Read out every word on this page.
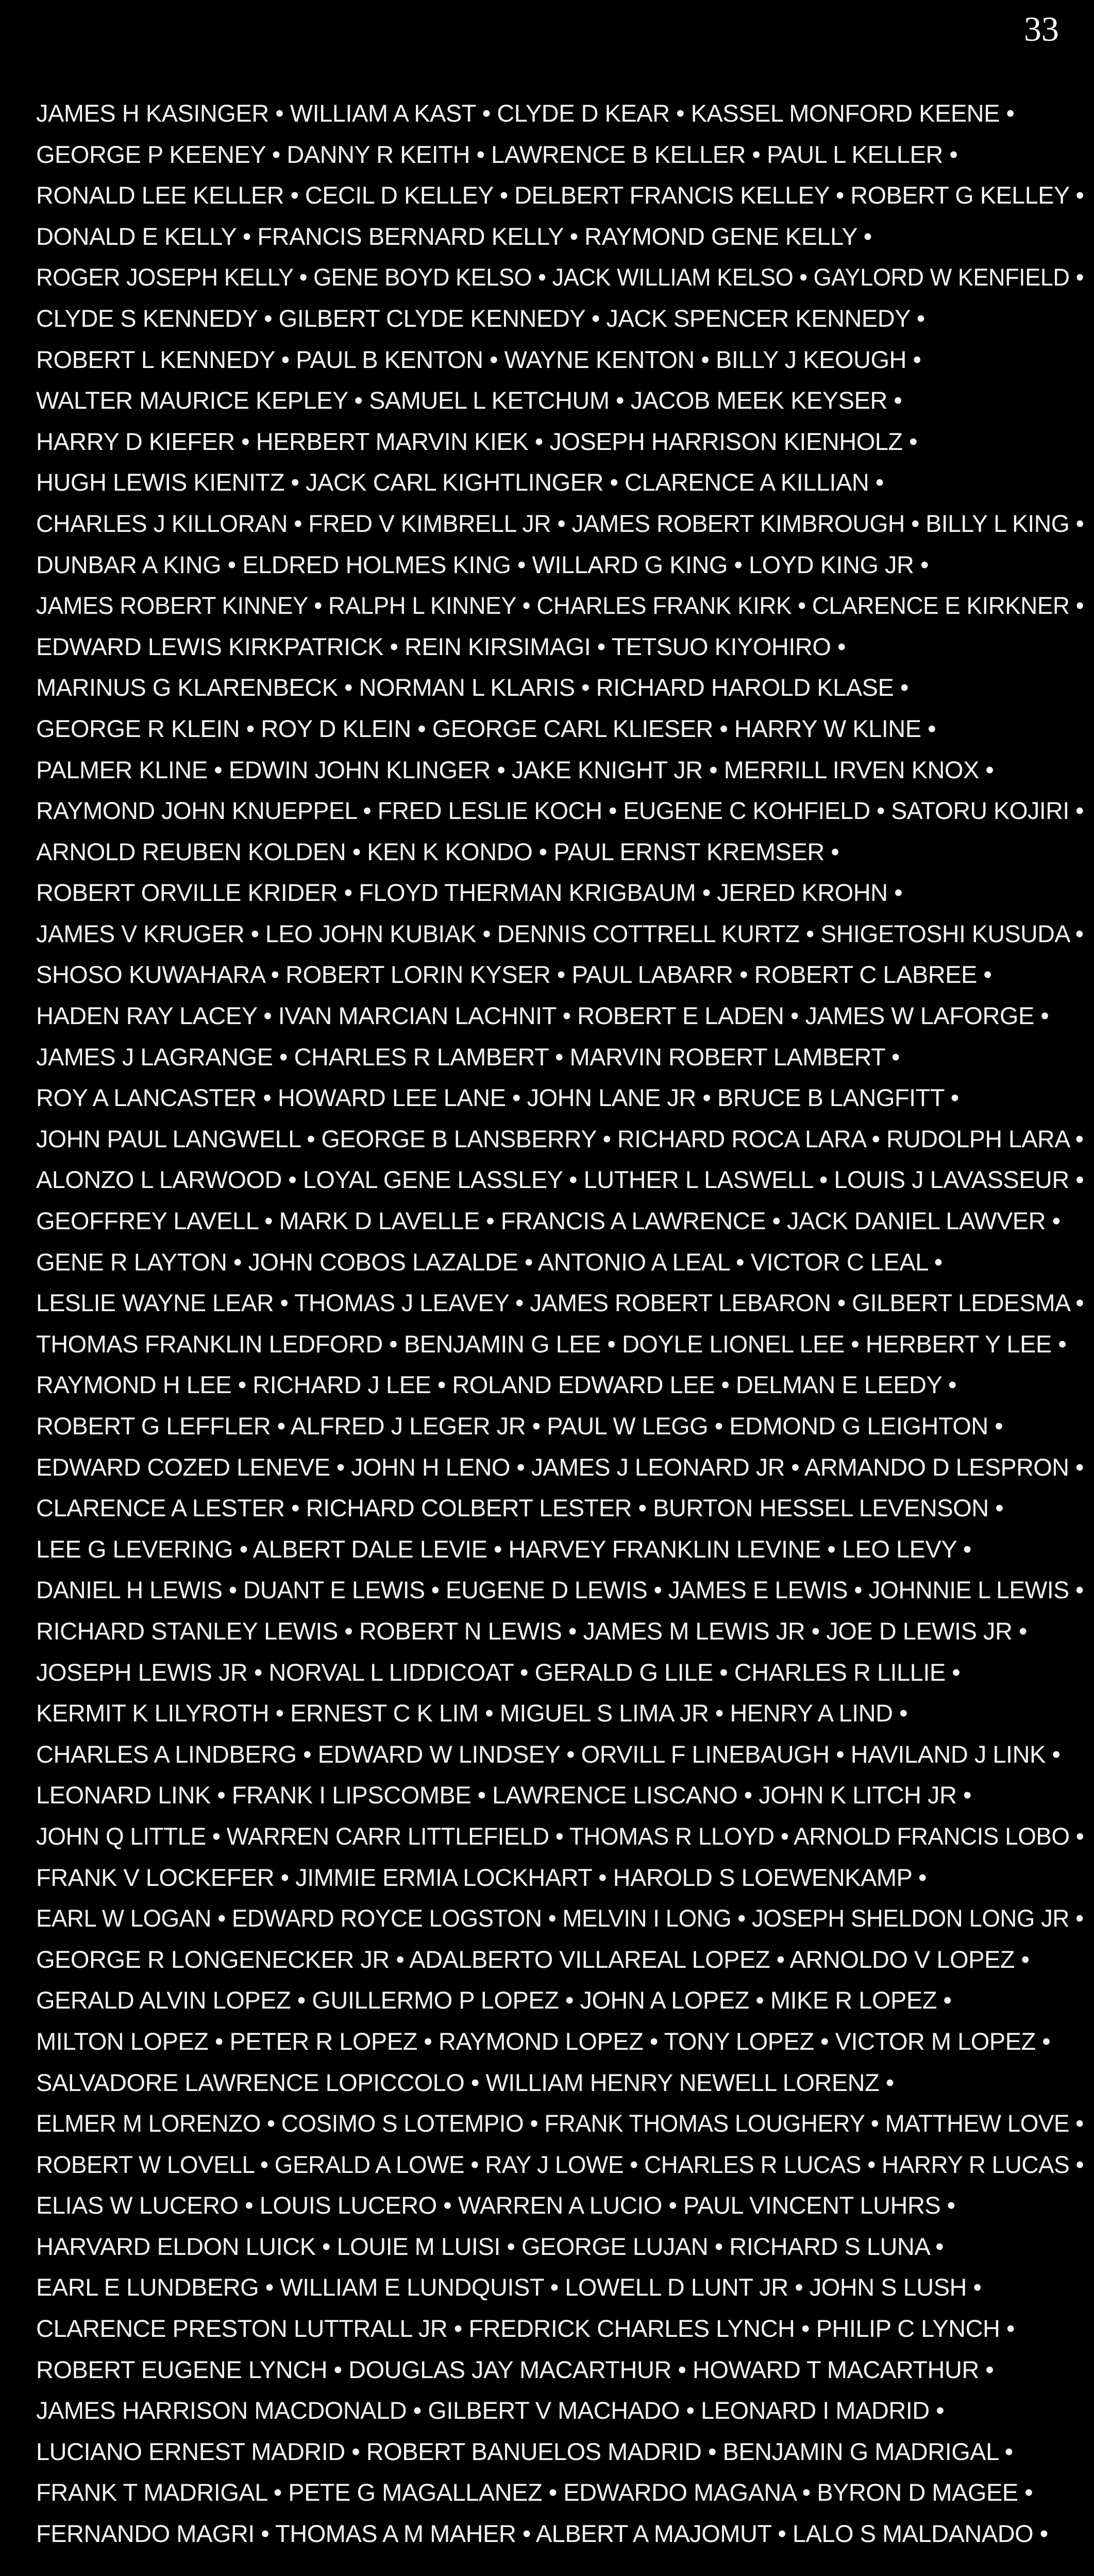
33
JAMES H KASINGER • WILLIAM A KAST • CLYDE D KEAR • KASSEL MONFORD KEENE •
GEORGE P KEENEY • DANNY R KEITH • LAWRENCE B KELLER • PAUL L KELLER •
RONALD LEE KELLER • CECIL D KELLEY • DELBERT FRANCIS KELLEY • ROBERT G KELLEY •
DONALD E KELLY • FRANCIS BERNARD KELLY • RAYMOND GENE KELLY •
ROGER JOSEPH KELLY • GENE BOYD KELSO • JACK WILLIAM KELSO • GAYLORD W KENFIELD •
CLYDE S KENNEDY • GILBERT CLYDE KENNEDY • JACK SPENCER KENNEDY •
ROBERT L KENNEDY • PAUL B KENTON • WAYNE KENTON • BILLY J KEOUGH •
WALTER MAURICE KEPLEY • SAMUEL L KETCHUM • JACOB MEEK KEYSER •
HARRY D KIEFER • HERBERT MARVIN KIEK • JOSEPH HARRISON KIENHOLZ •
HUGH LEWIS KIENITZ • JACK CARL KIGHTLINGER • CLARENCE A KILLIAN •
CHARLES J KILLORAN • FRED V KIMBRELL JR • JAMES ROBERT KIMBROUGH • BILLY L KING •
DUNBAR A KING • ELDRED HOLMES KING • WILLARD G KING • LOYD KING JR •
JAMES ROBERT KINNEY • RALPH L KINNEY • CHARLES FRANK KIRK • CLARENCE E KIRKNER •
EDWARD LEWIS KIRKPATRICK • REIN KIRSIMAGI • TETSUO KIYOHIRO •
MARINUS G KLARENBECK • NORMAN L KLARIS • RICHARD HAROLD KLASE •
GEORGE R KLEIN • ROY D KLEIN • GEORGE CARL KLIESER • HARRY W KLINE •
PALMER KLINE • EDWIN JOHN KLINGER • JAKE KNIGHT JR • MERRILL IRVEN KNOX •
RAYMOND JOHN KNUEPPEL • FRED LESLIE KOCH • EUGENE C KOHFIELD • SATORU KOJIRI •
ARNOLD REUBEN KOLDEN • KEN K KONDO • PAUL ERNST KREMSER •
ROBERT ORVILLE KRIDER • FLOYD THERMAN KRIGBAUM • JERED KROHN •
JAMES V KRUGER • LEO JOHN KUBIAK • DENNIS COTTRELL KURTZ • SHIGETOSHI KUSUDA •
SHOSO KUWAHARA • ROBERT LORIN KYSER • PAUL LABARR • ROBERT C LABREE •
HADEN RAY LACEY • IVAN MARCIAN LACHNIT • ROBERT E LADEN • JAMES W LAFORGE •
JAMES J LAGRANGE • CHARLES R LAMBERT • MARVIN ROBERT LAMBERT •
ROY A LANCASTER • HOWARD LEE LANE • JOHN LANE JR • BRUCE B LANGFITT •
JOHN PAUL LANGWELL • GEORGE B LANSBERRY • RICHARD ROCA LARA • RUDOLPH LARA •
ALONZO L LARWOOD • LOYAL GENE LASSLEY • LUTHER L LASWELL • LOUIS J LAVASSEUR •
GEOFFREY LAVELL • MARK D LAVELLE • FRANCIS A LAWRENCE • JACK DANIEL LAWVER •
GENE R LAYTON • JOHN COBOS LAZALDE • ANTONIO A LEAL • VICTOR C LEAL •
LESLIE WAYNE LEAR • THOMAS J LEAVEY • JAMES ROBERT LEBARON • GILBERT LEDESMA •
THOMAS FRANKLIN LEDFORD • BENJAMIN G LEE • DOYLE LIONEL LEE • HERBERT Y LEE •
RAYMOND H LEE • RICHARD J LEE • ROLAND EDWARD LEE • DELMAN E LEEDY •
ROBERT G LEFFLER • ALFRED J LEGER JR • PAUL W LEGG • EDMOND G LEIGHTON •
EDWARD COZED LENEVE • JOHN H LENO • JAMES J LEONARD JR • ARMANDO D LESPRON •
CLARENCE A LESTER • RICHARD COLBERT LESTER • BURTON HESSEL LEVENSON •
LEE G LEVERING • ALBERT DALE LEVIE • HARVEY FRANKLIN LEVINE • LEO LEVY •
DANIEL H LEWIS • DUANT E LEWIS • EUGENE D LEWIS • JAMES E LEWIS • JOHNNIE L LEWIS •
RICHARD STANLEY LEWIS • ROBERT N LEWIS • JAMES M LEWIS JR • JOE D LEWIS JR •
JOSEPH LEWIS JR • NORVAL L LIDDICOAT • GERALD G LILE • CHARLES R LILLIE •
KERMIT K LILYROTH • ERNEST C K LIM • MIGUEL S LIMA JR • HENRY A LIND •
CHARLES A LINDBERG • EDWARD W LINDSEY • ORVILL F LINEBAUGH • HAVILAND J LINK •
LEONARD LINK • FRANK I LIPSCOMBE • LAWRENCE LISCANO • JOHN K LITCH JR •
JOHN Q LITTLE • WARREN CARR LITTLEFIELD • THOMAS R LLOYD • ARNOLD FRANCIS LOBO •
FRANK V LOCKEFER • JIMMIE ERMIA LOCKHART • HAROLD S LOEWENKAMP •
EARL W LOGAN • EDWARD ROYCE LOGSTON • MELVIN I LONG • JOSEPH SHELDON LONG JR •
GEORGE R LONGENECKER JR • ADALBERTO VILLAREAL LOPEZ • ARNOLDO V LOPEZ •
GERALD ALVIN LOPEZ • GUILLERMO P LOPEZ • JOHN A LOPEZ • MIKE R LOPEZ •
MILTON LOPEZ • PETER R LOPEZ • RAYMOND LOPEZ • TONY LOPEZ • VICTOR M LOPEZ •
SALVADORE LAWRENCE LOPICCOLO • WILLIAM HENRY NEWELL LORENZ •
ELMER M LORENZO • COSIMO S LOTEMPIO • FRANK THOMAS LOUGHERY • MATTHEW LOVE •
ROBERT W LOVELL • GERALD A LOWE • RAY J LOWE • CHARLES R LUCAS • HARRY R LUCAS •
ELIAS W LUCERO • LOUIS LUCERO • WARREN A LUCIO • PAUL VINCENT LUHRS •
HARVARD ELDON LUICK • LOUIE M LUISI • GEORGE LUJAN • RICHARD S LUNA •
EARL E LUNDBERG • WILLIAM E LUNDQUIST • LOWELL D LUNT JR • JOHN S LUSH •
CLARENCE PRESTON LUTTRALL JR • FREDRICK CHARLES LYNCH • PHILIP C LYNCH •
ROBERT EUGENE LYNCH • DOUGLAS JAY MACARTHUR • HOWARD T MACARTHUR •
JAMES HARRISON MACDONALD • GILBERT V MACHADO • LEONARD I MADRID •
LUCIANO ERNEST MADRID • ROBERT BANUELOS MADRID • BENJAMIN G MADRIGAL •
FRANK T MADRIGAL • PETE G MAGALLANEZ • EDWARDO MAGANA • BYRON D MAGEE •
FERNANDO MAGRI • THOMAS A M MAHER • ALBERT A MAJOMUT • LALO S MALDANADO •
